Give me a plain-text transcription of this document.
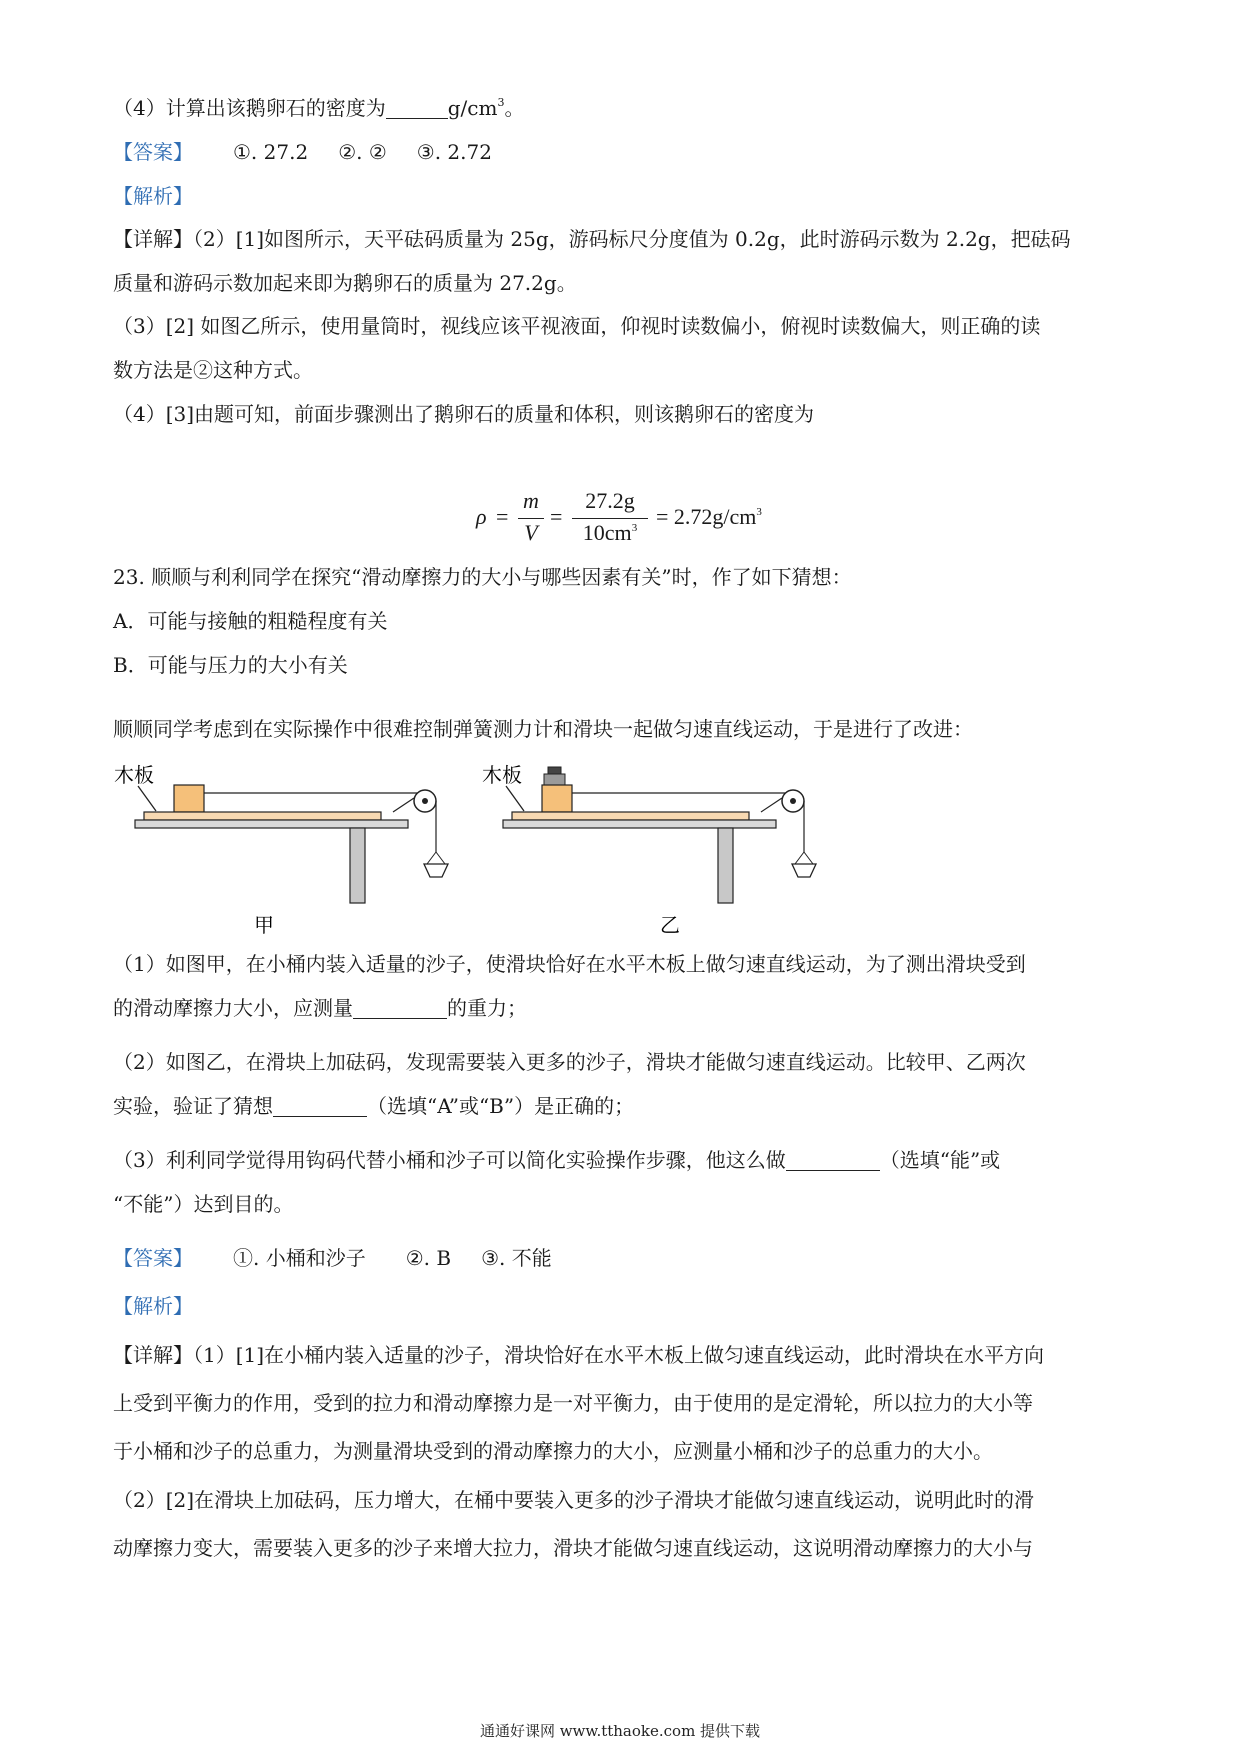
（4）计算出该鹅卵石的密度为	$g/cm^3$。
【答案】 ①. 27.2 ②. ② ③. 2.72
【解析】
【详解】（2）[1]如图所示，天平砝码质量为 25g，游码标尺分度值为 0.2g，此时游码示数为 2.2g，把砝码
质量和游码示数加起来即为鹅卵石的质量为 27.2g。
（3）[2] 如图乙所示，使用量筒时，视线应该平视液面，仰视时读数偏小，俯视时读数偏大，则正确的读
数方法是②这种方式。
（4）[3]由题可知，前面步骤测出了鹅卵石的质量和体积，则该鹅卵石的密度为
ρ =
m
V
=
27.2g
$10cm^3 = 2.72g/cm^3$
23. 顺顺与利利同学在探究“滑动摩擦力的大小与哪些因素有关”时，作了如下猜想：
A．可能与接触的粗糙程度有关
B．可能与压力的大小有关
顺顺同学考虑到在实际操作中很难控制弹簧测力计和滑块一起做匀速直线运动，于是进行了改进：
木板
甲
木板
乙
（1）如图甲，在小桶内装入适量的沙子，使滑块恰好在水平木板上做匀速直线运动，为了测出滑块受到
的滑动摩擦力大小，应测量	的重力；
（2）如图乙，在滑块上加砝码，发现需要装入更多的沙子，滑块才能做匀速直线运动。比较甲、乙两次
实验，验证了猜想	（选填“A”或“B”）是正确的；
（3）利利同学觉得用钩码代替小桶和沙子可以简化实验操作步骤，他这么做	（选填“能”或
“不能”）达到目的。
【答案】 ①. 小桶和沙子 ②. B ③. 不能
【解析】
【详解】（1）[1]在小桶内装入适量的沙子，滑块恰好在水平木板上做匀速直线运动，此时滑块在水平方向
上受到平衡力的作用，受到的拉力和滑动摩擦力是一对平衡力，由于使用的是定滑轮，所以拉力的大小等
于小桶和沙子的总重力，为测量滑块受到的滑动摩擦力的大小，应测量小桶和沙子的总重力的大小。
（2）[2]在滑块上加砝码，压力增大，在桶中要装入更多的沙子滑块才能做匀速直线运动，说明此时的滑
动摩擦力变大，需要装入更多的沙子来增大拉力，滑块才能做匀速直线运动，这说明滑动摩擦力的大小与
通通好课网 www.tthaoke.com 提供下载
